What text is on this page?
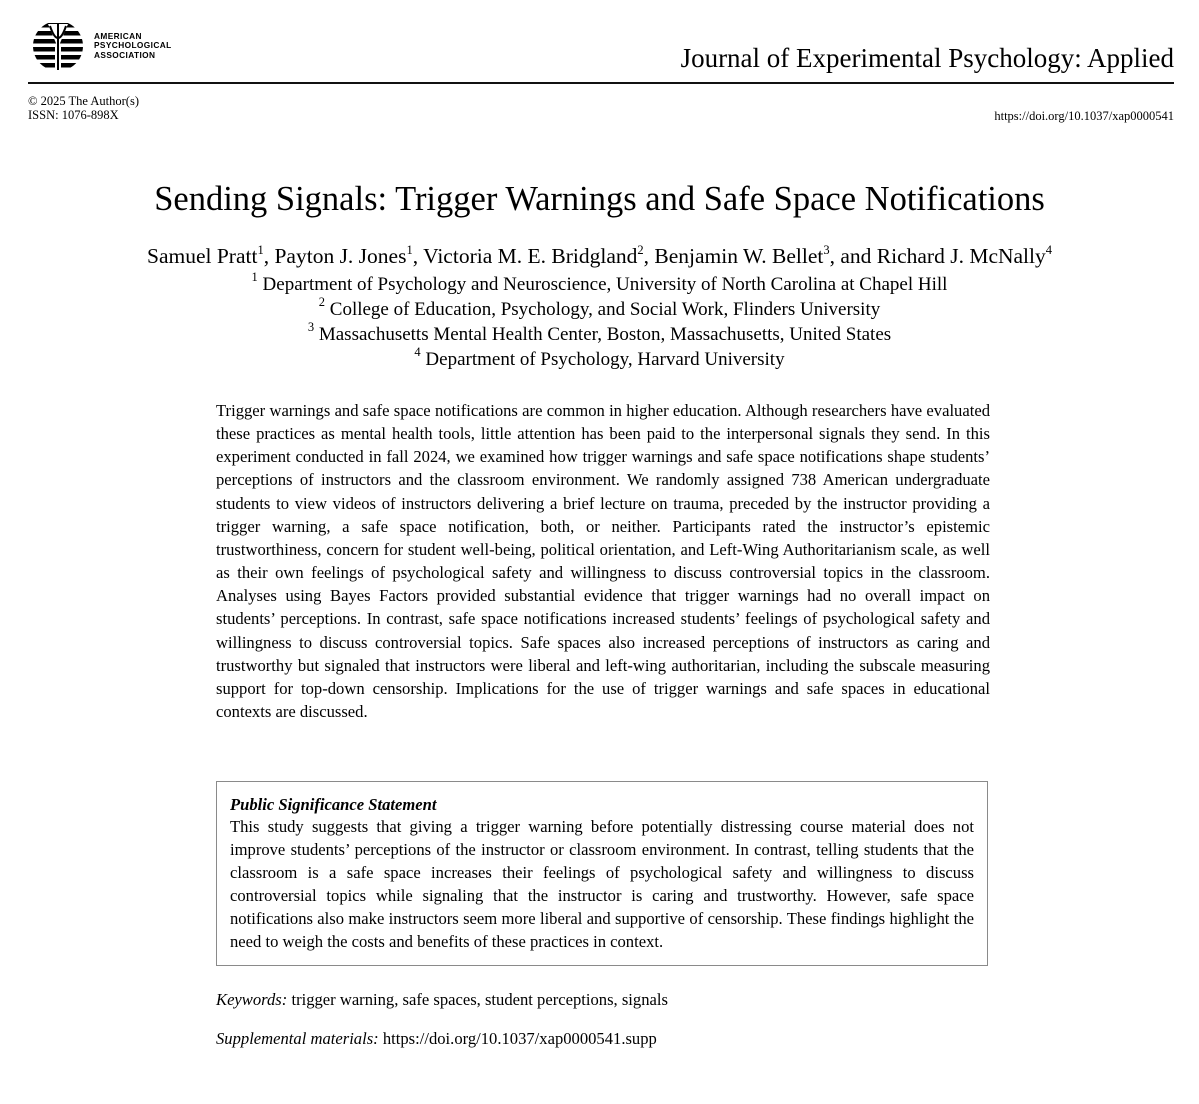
AMERICAN
PSYCHOLOGICAL
ASSOCIATION	Journal of Experimental Psychology: Applied
© 2025 The Author(s)
ISSN: 1076-898X	https://doi.org/10.1037/xap0000541
Sending Signals: Trigger Warnings and Safe Space Notifications
Samuel Pratt$^1$, Payton J. Jones$^1$, Victoria M. E. Bridgland$^2$, Benjamin W. Bellet$^3$, and Richard J. McNally$^4$
$^1$ Department of Psychology and Neuroscience, University of North Carolina at Chapel Hill
$^2$ College of Education, Psychology, and Social Work, Flinders University
$^3$ Massachusetts Mental Health Center, Boston, Massachusetts, United States
$^4$ Department of Psychology, Harvard University

Trigger warnings and safe space notifications are common in higher education. Although researchers have evaluated these practices as mental health tools, little attention has been paid to the interpersonal signals they send. In this experiment conducted in fall 2024, we examined how trigger warnings and safe space notifications shape students’ perceptions of instructors and the classroom environment. We randomly assigned 738 American undergraduate students to view videos of instructors delivering a brief lecture on trauma, preceded by the instructor providing a trigger warning, a safe space notification, both, or neither. Participants rated the instructor’s epistemic trustworthiness, concern for student well-being, political orientation, and Left-Wing Authoritarianism scale, as well as their own feelings of psychological safety and willingness to discuss controversial topics in the classroom. Analyses using Bayes Factors provided substantial evidence that trigger warnings had no overall impact on students’ perceptions. In contrast, safe space notifications increased students’ feelings of psychological safety and willingness to discuss controversial topics. Safe spaces also increased perceptions of instructors as caring and trustworthy but signaled that instructors were liberal and left-wing authoritarian, including the subscale measuring support for top-down censorship. Implications for the use of trigger warnings and safe spaces in educational contexts are discussed.

Public Significance Statement

This study suggests that giving a trigger warning before potentially distressing course material does not improve students’ perceptions of the instructor or classroom environment. In contrast, telling students that the classroom is a safe space increases their feelings of psychological safety and willingness to discuss controversial topics while signaling that the instructor is caring and trustworthy. However, safe space notifications also make instructors seem more liberal and supportive of censorship. These findings highlight the need to weigh the costs and benefits of these practices in context.

Keywords: trigger warning, safe spaces, student perceptions, signals
Supplemental materials: https://doi.org/10.1037/xap0000541.supp
